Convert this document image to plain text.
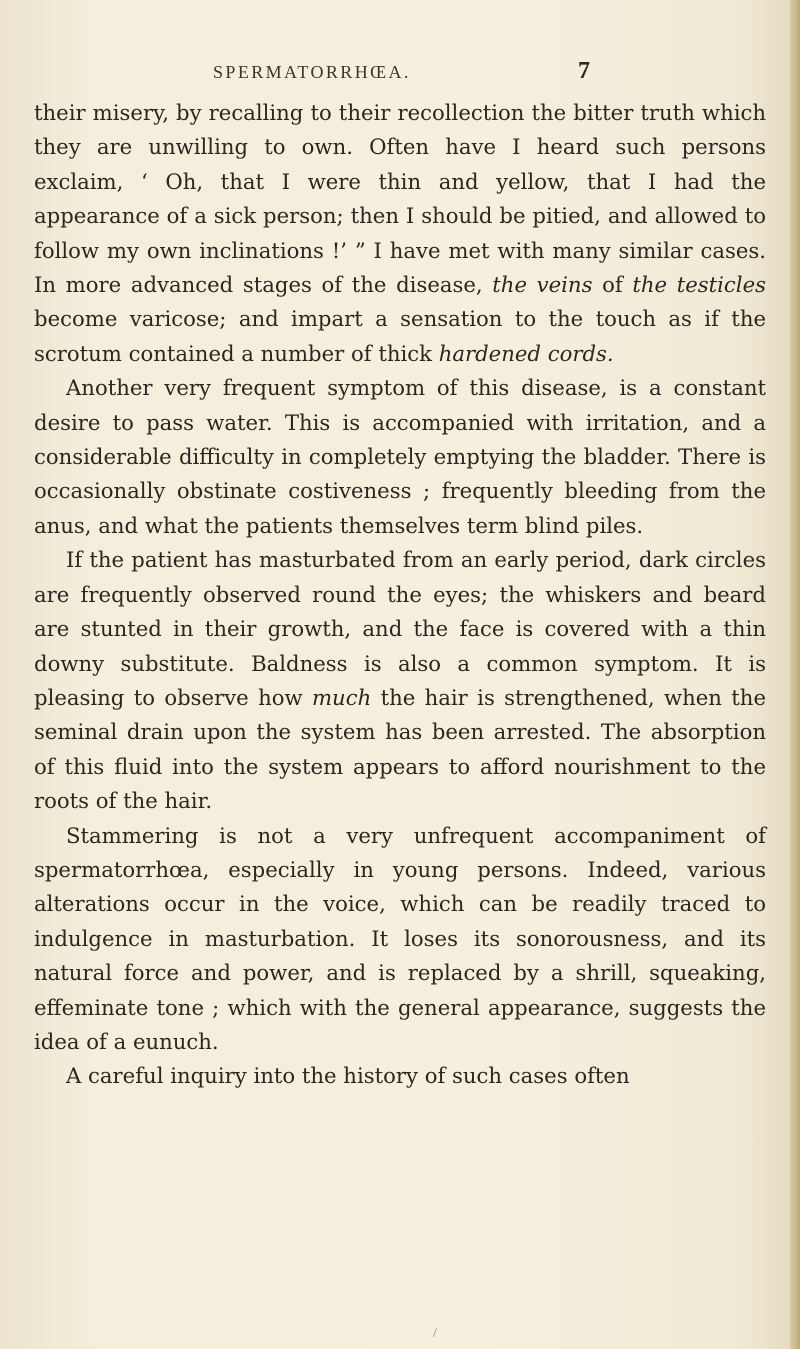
SPERMATORRHŒA.	7

their misery, by recalling to their recollection the bitter truth which they are unwilling to own. Often have I heard such persons exclaim, ‘ Oh, that I were thin and yellow, that I had the appearance of a sick person; then I should be pitied, and allowed to follow my own inclinations !’ ” I have met with many similar cases. In more advanced stages of the disease, the veins of the testicles become varicose; and impart a sensation to the touch as if the scrotum contained a number of thick hardened cords.

Another very frequent symptom of this disease, is a constant desire to pass water. This is accompanied with irritation, and a considerable difficulty in completely emptying the bladder. There is occasionally obstinate costiveness ; frequently bleeding from the anus, and what the patients themselves term blind piles.

If the patient has masturbated from an early period, dark circles are frequently observed round the eyes; the whiskers and beard are stunted in their growth, and the face is covered with a thin downy substitute. Baldness is also a common symptom. It is pleasing to observe how much the hair is strengthened, when the seminal drain upon the system has been arrested. The absorption of this fluid into the system appears to afford nourishment to the roots of the hair.

Stammering is not a very unfrequent accompaniment of spermatorrhœa, especially in young persons. Indeed, various alterations occur in the voice, which can be readily traced to indulgence in masturbation. It loses its sonorousness, and its natural force and power, and is replaced by a shrill, squeaking, effeminate tone ; which with the general appearance, suggests the idea of a eunuch.

A careful inquiry into the history of such cases often

/
